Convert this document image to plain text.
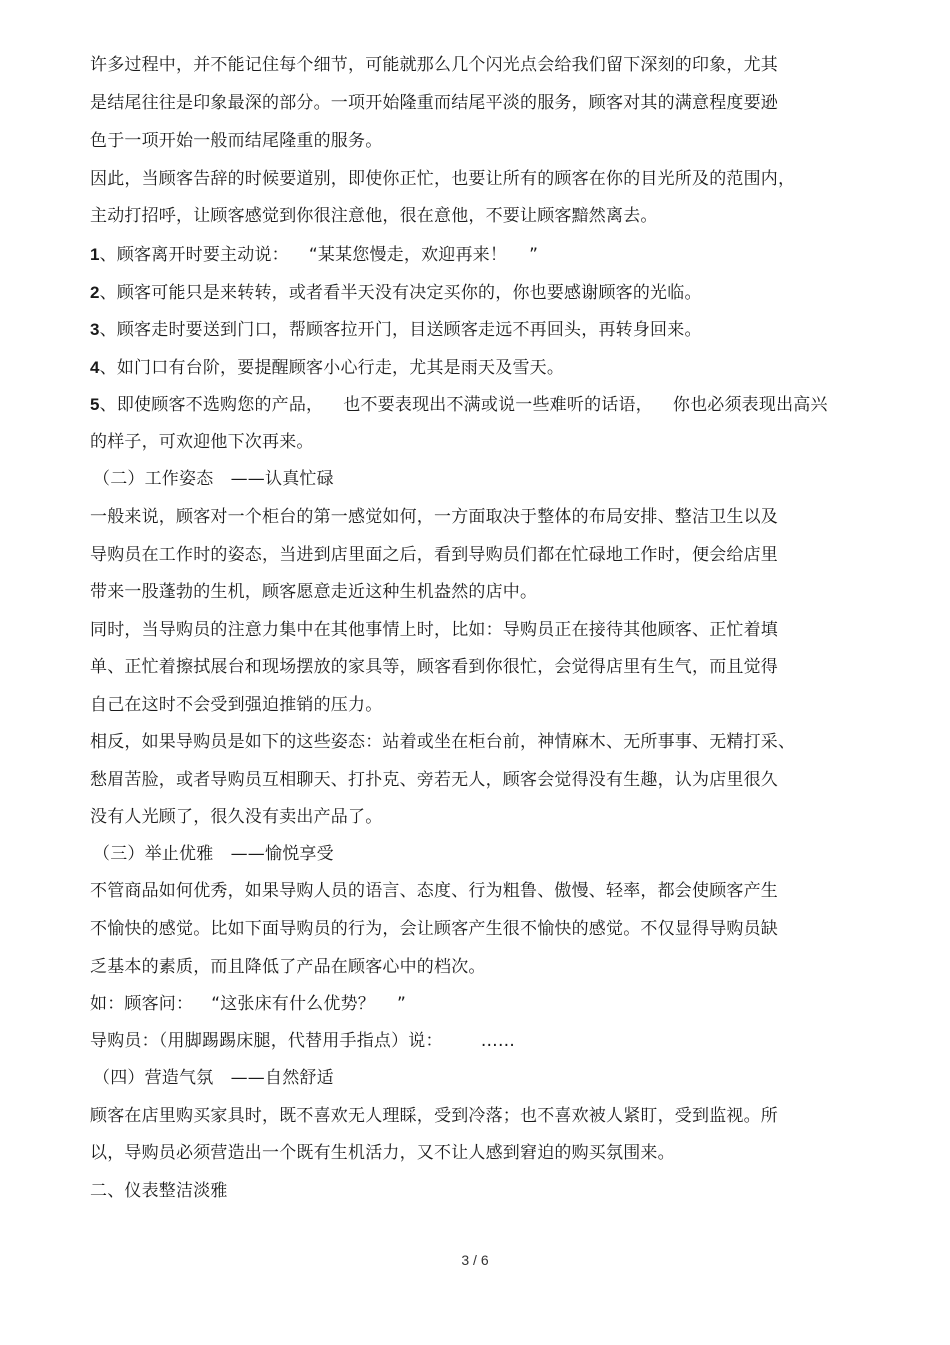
许多过程中，并不能记住每个细节，可能就那么几个闪光点会给我们留下深刻的印象，尤其
是结尾往往是印象最深的部分。一项开始隆重而结尾平淡的服务，顾客对其的满意程度要逊
色于一项开始一般而结尾隆重的服务。
因此，当顾客告辞的时候要道别，即使你正忙，也要让所有的顾客在你的目光所及的范围内，
主动打招呼，让顾客感觉到你很注意他，很在意他，不要让顾客黯然离去。
1、顾客离开时要主动说： “某某您慢走，欢迎再来！ ”
2、顾客可能只是来转转，或者看半天没有决定买你的，你也要感谢顾客的光临。
3、顾客走时要送到门口，帮顾客拉开门，目送顾客走远不再回头，再转身回来。
4、如门口有台阶，要提醒顾客小心行走，尤其是雨天及雪天。
5、即使顾客不选购您的产品， 也不要表现出不满或说一些难听的话语， 你也必须表现出高兴
的样子，可欢迎他下次再来。
（二）工作姿态　——认真忙碌
一般来说，顾客对一个柜台的第一感觉如何，一方面取决于整体的布局安排、整洁卫生以及
导购员在工作时的姿态，当进到店里面之后，看到导购员们都在忙碌地工作时，便会给店里
带来一股蓬勃的生机，顾客愿意走近这种生机盎然的店中。
同时，当导购员的注意力集中在其他事情上时，比如：导购员正在接待其他顾客、正忙着填
单、正忙着擦拭展台和现场摆放的家具等，顾客看到你很忙，会觉得店里有生气，而且觉得
自己在这时不会受到强迫推销的压力。
相反，如果导购员是如下的这些姿态：站着或坐在柜台前，神情麻木、无所事事、无精打采、
愁眉苦脸，或者导购员互相聊天、打扑克、旁若无人，顾客会觉得没有生趣，认为店里很久
没有人光顾了，很久没有卖出产品了。
（三）举止优雅　——愉悦享受
不管商品如何优秀，如果导购人员的语言、态度、行为粗鲁、傲慢、轻率，都会使顾客产生
不愉快的感觉。比如下面导购员的行为，会让顾客产生很不愉快的感觉。不仅显得导购员缺
乏基本的素质，而且降低了产品在顾客心中的档次。
如：顾客问： “这张床有什么优势？ ”
导购员：（用脚踢踢床腿，代替用手指点）说： ……
（四）营造气氛　——自然舒适
顾客在店里购买家具时，既不喜欢无人理睬，受到冷落；也不喜欢被人紧盯，受到监视。所
以，导购员必须营造出一个既有生机活力，又不让人感到窘迫的购买氛围来。
二、仪表整洁淡雅
3 / 6
